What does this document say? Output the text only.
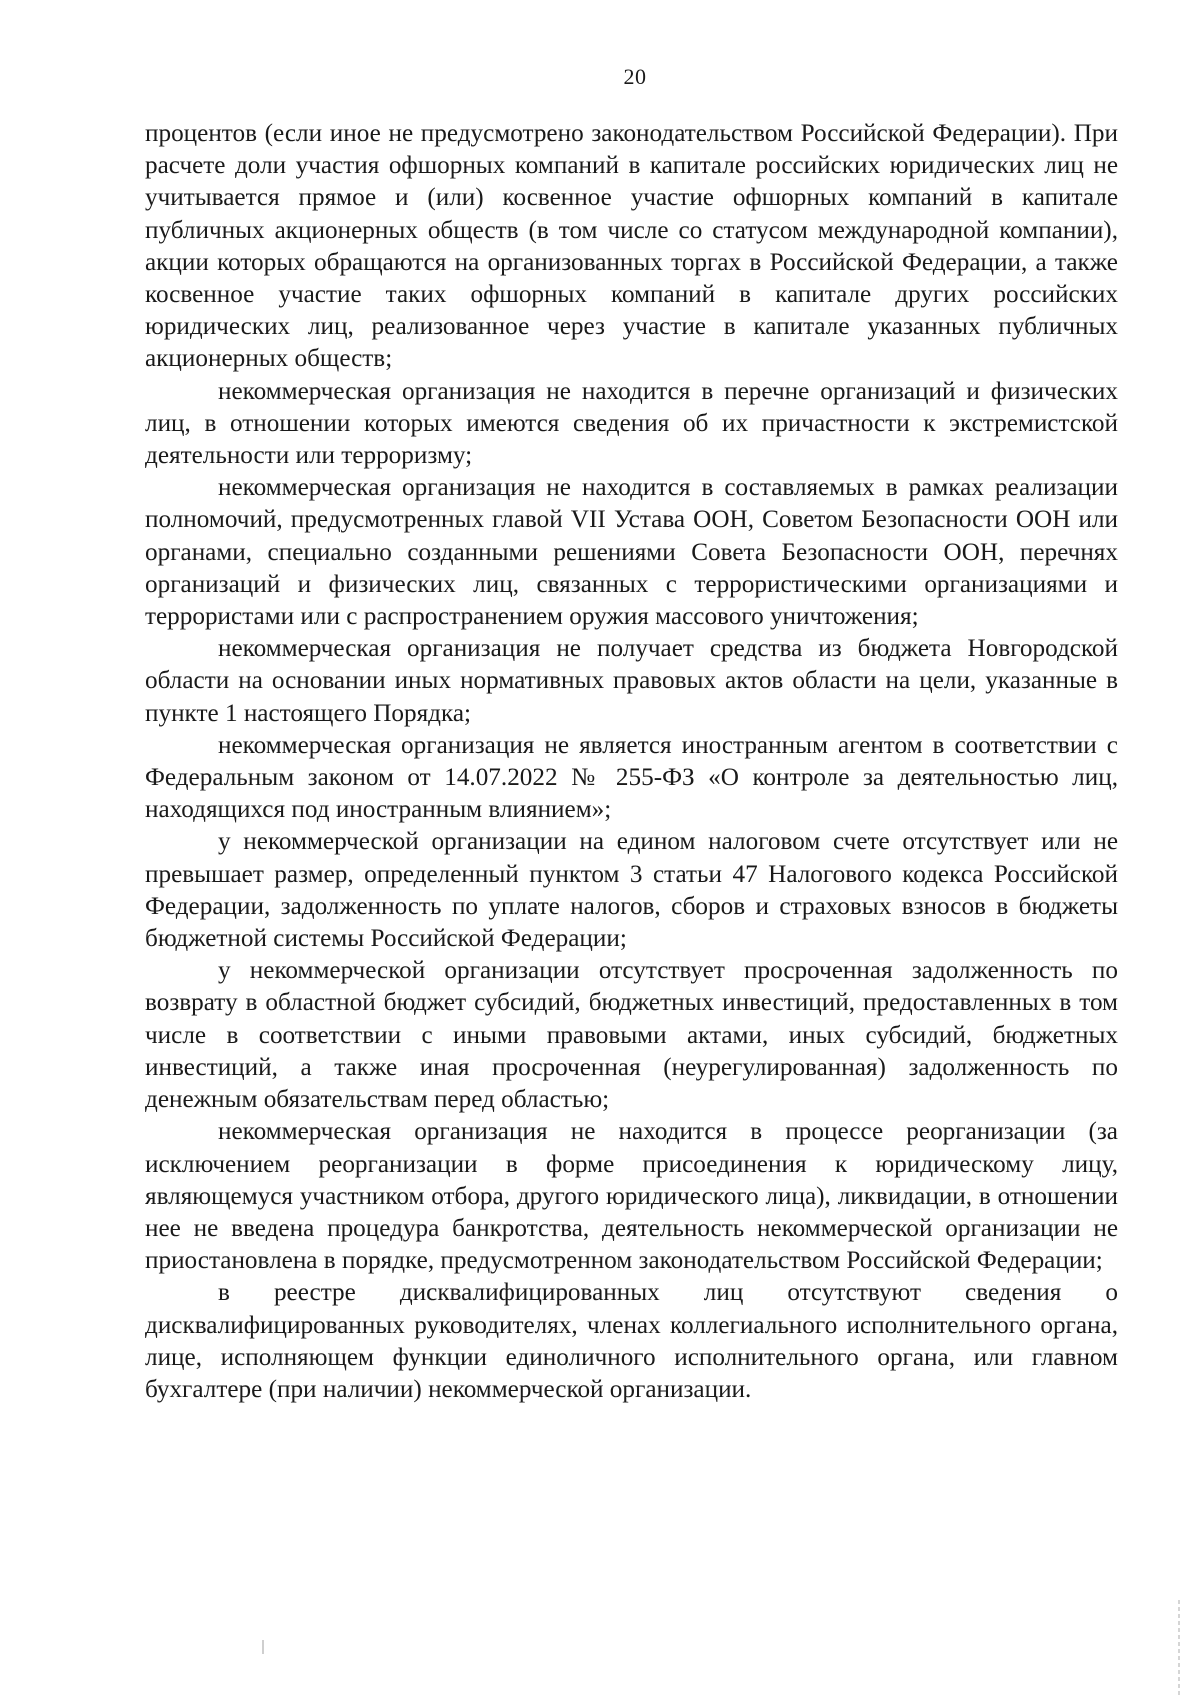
20

процентов (если иное не предусмотрено законодательством Российской Федерации). При расчете доли участия офшорных компаний в капитале российских юридических лиц не учитывается прямое и (или) косвенное участие офшорных компаний в капитале публичных акционерных обществ (в том числе со статусом международной компании), акции которых обращаются на организованных торгах в Российской Федерации, а также косвенное участие таких офшорных компаний в капитале других российских юридических лиц, реализованное через участие в капитале указанных публичных акционерных обществ;

некоммерческая организация не находится в перечне организаций и физических лиц, в отношении которых имеются сведения об их причастности к экстремистской деятельности или терроризму;

некоммерческая организация не находится в составляемых в рамках реализации полномочий, предусмотренных главой VII Устава ООН, Советом Безопасности ООН или органами, специально созданными решениями Совета Безопасности ООН, перечнях организаций и физических лиц, связанных с террористическими организациями и террористами или с распространением оружия массового уничтожения;

некоммерческая организация не получает средства из бюджета Новгородской области на основании иных нормативных правовых актов области на цели, указанные в пункте 1 настоящего Порядка;

некоммерческая организация не является иностранным агентом в соответствии с Федеральным законом от 14.07.2022 № 255-ФЗ «О контроле за деятельностью лиц, находящихся под иностранным влиянием»;

у некоммерческой организации на едином налоговом счете отсутствует или не превышает размер, определенный пунктом 3 статьи 47 Налогового кодекса Российской Федерации, задолженность по уплате налогов, сборов и страховых взносов в бюджеты бюджетной системы Российской Федерации;

у некоммерческой организации отсутствует просроченная задолженность по возврату в областной бюджет субсидий, бюджетных инвестиций, предоставленных в том числе в соответствии с иными правовыми актами, иных субсидий, бюджетных инвестиций, а также иная просроченная (неурегулированная) задолженность по денежным обязательствам перед областью;

некоммерческая организация не находится в процессе реорганизации (за исключением реорганизации в форме присоединения к юридическому лицу, являющемуся участником отбора, другого юридического лица), ликвидации, в отношении нее не введена процедура банкротства, деятельность некоммерческой организации не приостановлена в порядке, предусмотренном законодательством Российской Федерации;

в реестре дисквалифицированных лиц отсутствуют сведения о дисквалифицированных руководителях, членах коллегиального исполнительного органа, лице, исполняющем функции единоличного исполнительного органа, или главном бухгалтере (при наличии) некоммерческой организации.
